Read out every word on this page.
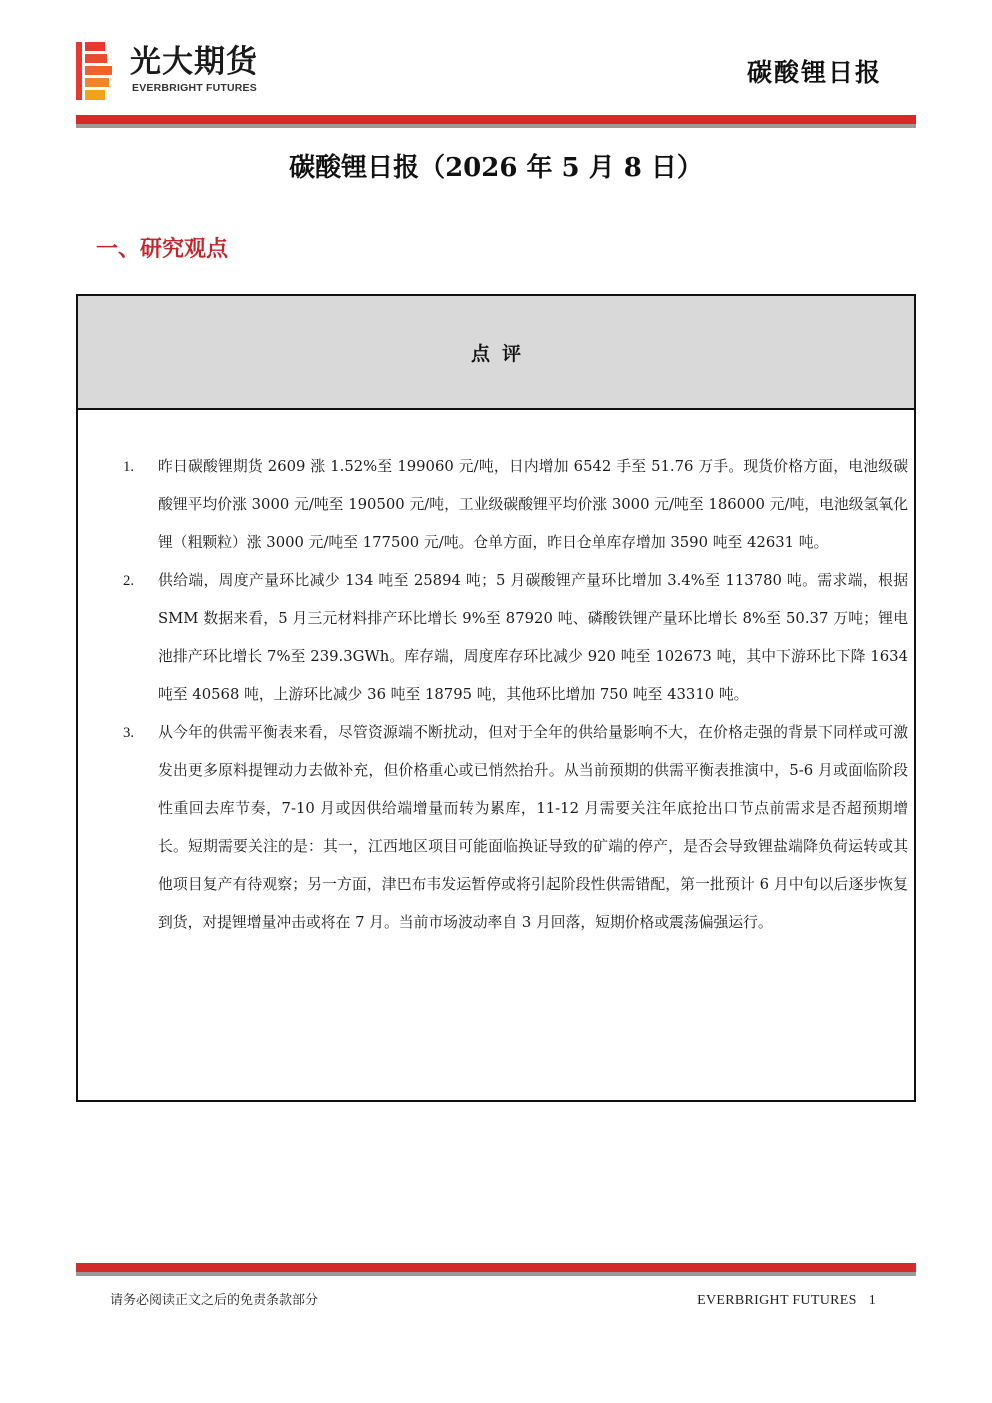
光大期货
EVERBRIGHT FUTURES
碳酸锂日报
碳酸锂日报（2026 年 5 月 8 日）
一、研究观点
点评
1. 昨日碳酸锂期货 2609 涨 1.52%至 199060 元/吨，日内增加 6542 手至 51.76 万手。现货价格方面，电池级碳酸锂平均价涨 3000 元/吨至 190500 元/吨，工业级碳酸锂平均价涨 3000 元/吨至 186000 元/吨，电池级氢氧化锂（粗颗粒）涨 3000 元/吨至 177500 元/吨。仓单方面，昨日仓单库存增加 3590 吨至 42631 吨。
2. 供给端，周度产量环比减少 134 吨至 25894 吨；5 月碳酸锂产量环比增加 3.4%至 113780 吨。需求端，根据 SMM 数据来看，5 月三元材料排产环比增长 9%至 87920 吨、磷酸铁锂产量环比增长 8%至 50.37 万吨；锂电池排产环比增长 7%至 239.3GWh。库存端，周度库存环比减少 920 吨至 102673 吨，其中下游环比下降 1634 吨至 40568 吨，上游环比减少 36 吨至 18795 吨，其他环比增加 750 吨至 43310 吨。
3. 从今年的供需平衡表来看，尽管资源端不断扰动，但对于全年的供给量影响不大，在价格走强的背景下同样或可激发出更多原料提锂动力去做补充，但价格重心或已悄然抬升。从当前预期的供需平衡表推演中，5-6 月或面临阶段性重回去库节奏，7-10 月或因供给端增量而转为累库，11-12 月需要关注年底抢出口节点前需求是否超预期增长。短期需要关注的是：其一，江西地区项目可能面临换证导致的矿端的停产，是否会导致锂盐端降负荷运转或其他项目复产有待观察；另一方面，津巴布韦发运暂停或将引起阶段性供需错配，第一批预计 6 月中旬以后逐步恢复到货，对提锂增量冲击或将在 7 月。当前市场波动率自 3 月回落，短期价格或震荡偏强运行。
请务必阅读正文之后的免责条款部分	EVERBRIGHT FUTURES 1
